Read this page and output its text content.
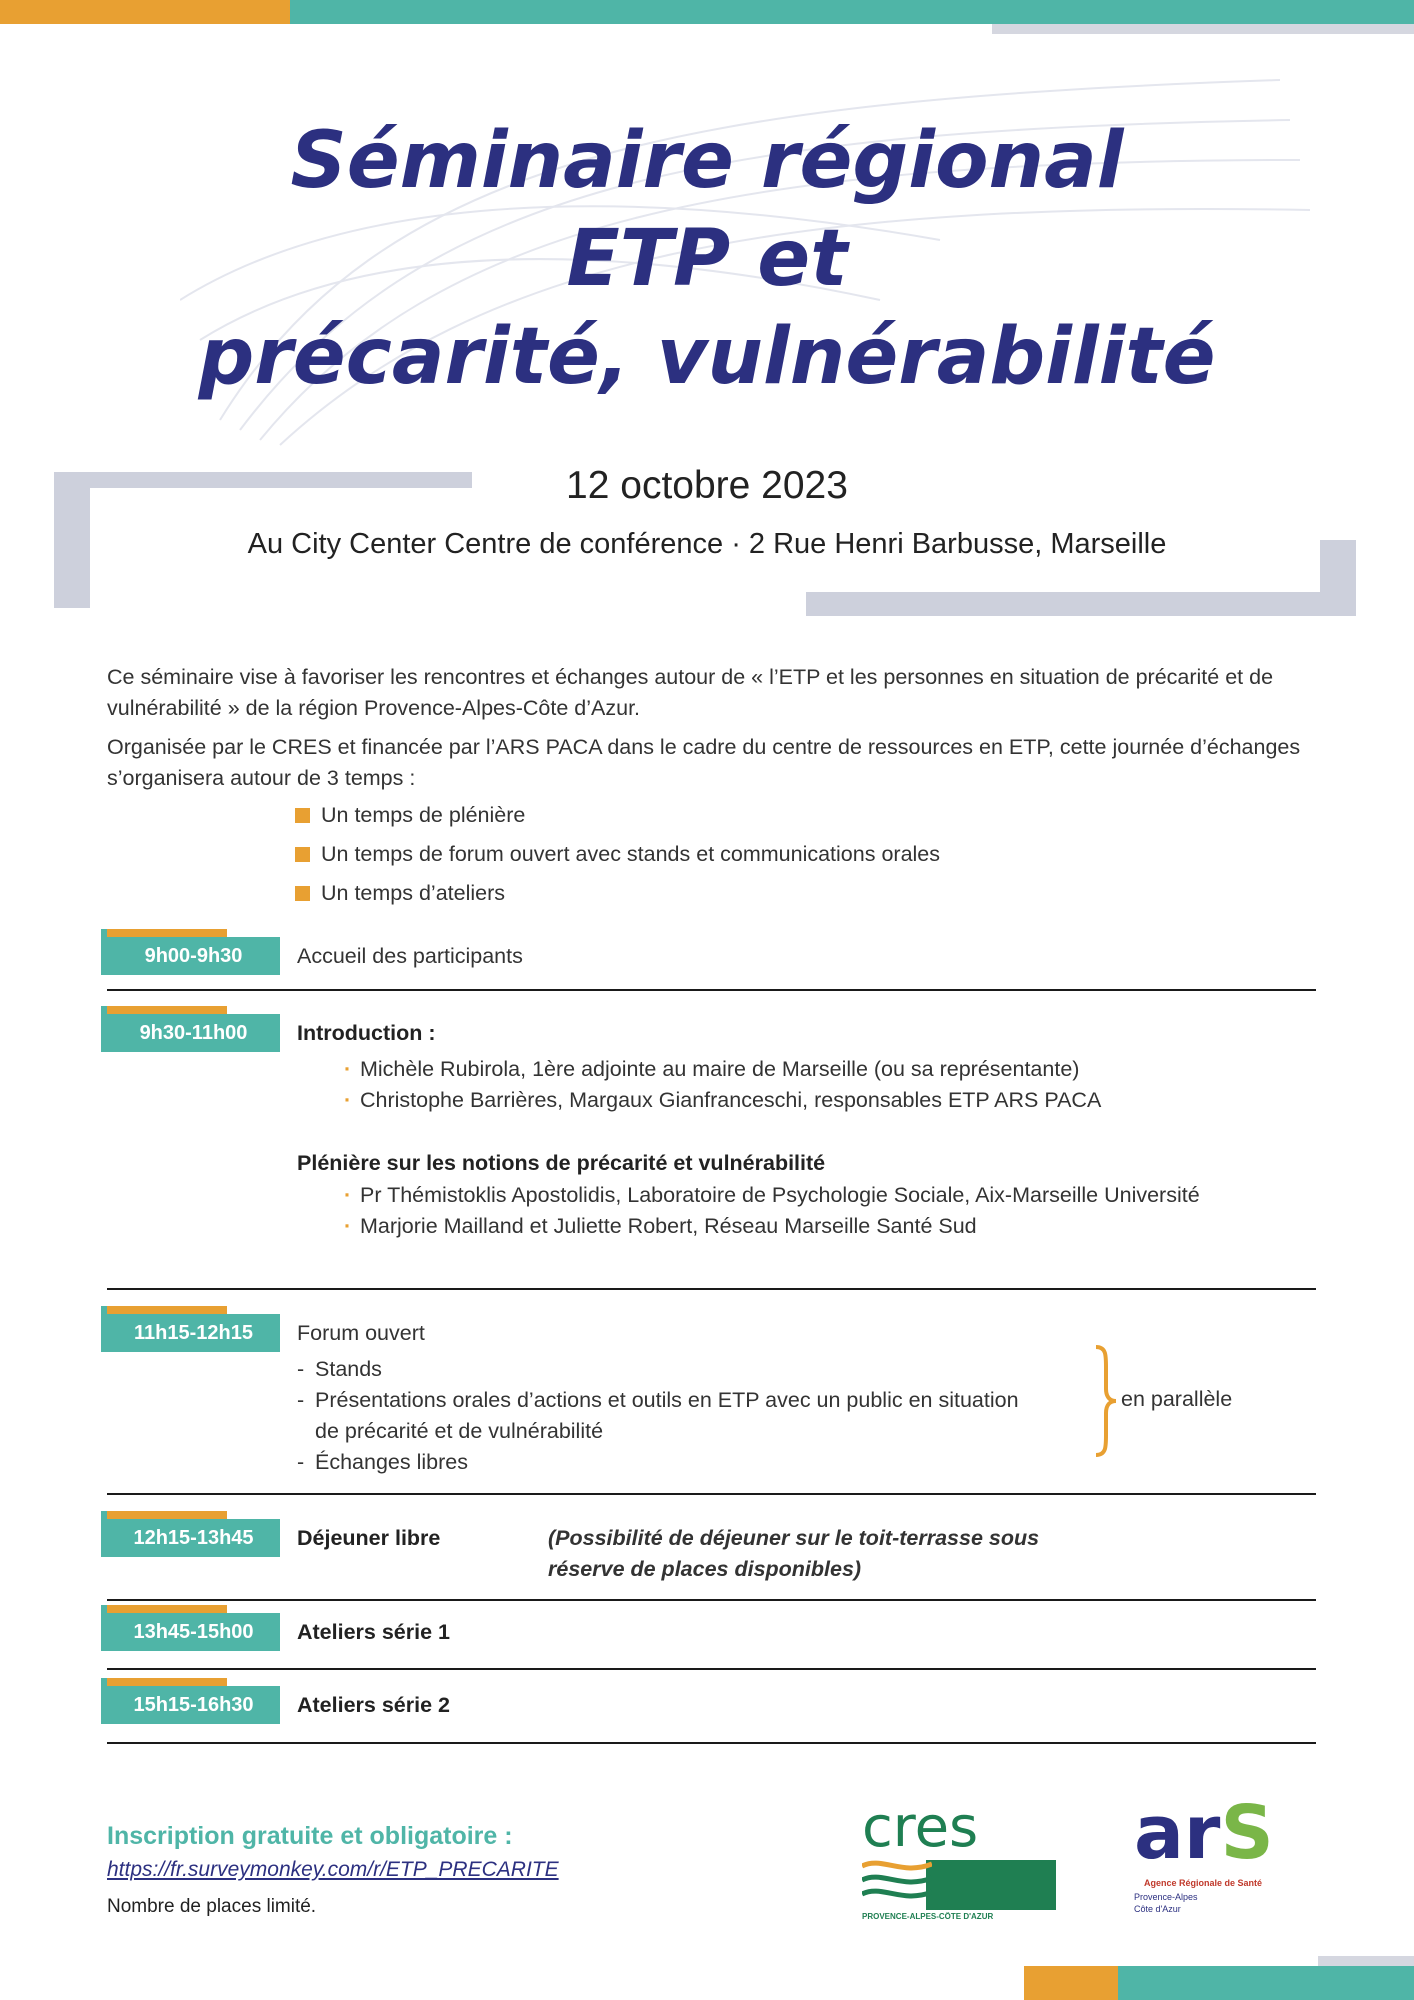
Séminaire régional
ETP et
précarité, vulnérabilité
12 octobre 2023
Au City Center Centre de conférence · 2 Rue Henri Barbusse, Marseille

Ce séminaire vise à favoriser les rencontres et échanges autour de « l’ETP et les personnes en situation de précarité et de vulnérabilité » de la région Provence-Alpes-Côte d’Azur.

Organisée par le CRES et financée par l’ARS PACA dans le cadre du centre de ressources en ETP, cette journée d’échanges s’organisera autour de 3 temps :

Un temps de plénière
Un temps de forum ouvert avec stands et communications orales
Un temps d’ateliers
9h00-9h30	Accueil des participants
9h30-11h00	Introduction :
· Michèle Rubirola, 1ère adjointe au maire de Marseille (ou sa représentante)
· Christophe Barrières, Margaux Gianfranceschi, responsables ETP ARS PACA
Plénière sur les notions de précarité et vulnérabilité
· Pr Thémistoklis Apostolidis, Laboratoire de Psychologie Sociale, Aix-Marseille Université
· Marjorie Mailland et Juliette Robert, Réseau Marseille Santé Sud
11h15-12h15	Forum ouvert
- Stands
- Présentations orales d’actions et outils en ETP avec un public en situation de précarité et de vulnérabilité
- Échanges libres
en parallèle
12h15-13h45	Déjeuner libre	(Possibilité de déjeuner sur le toit-terrasse sous réserve de places disponibles)
13h45-15h00	Ateliers série 1
15h15-16h30	Ateliers série 2
Inscription gratuite et obligatoire :
https://fr.surveymonkey.com/r/ETP_PRECARITE
Nombre de places limité.
cres
PROVENCE-ALPES-CÔTE D'AZUR
arS
Agence Régionale de Santé
Provence-Alpes
Côte d'Azur
